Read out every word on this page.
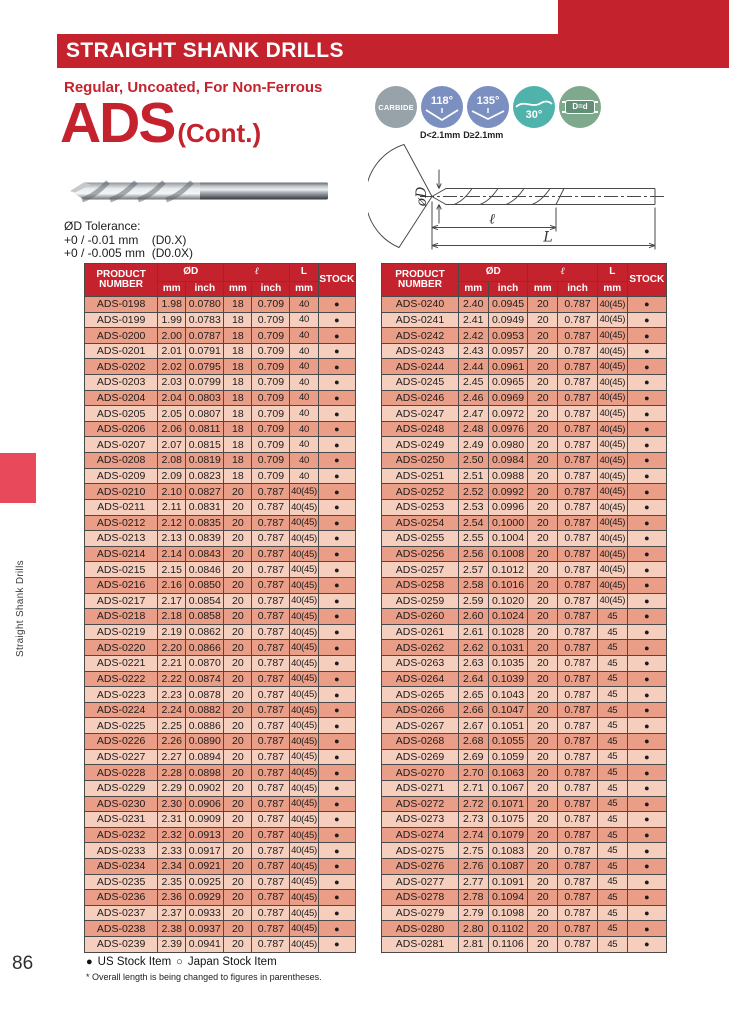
STRAIGHT SHANK DRILLS
Regular, Uncoated, For Non-Ferrous
ADS (Cont.)
CARBIDE
118° 135°
30°
D=d
D<2.1mm D≥2.1mm
øD
ℓ
L
ØD Tolerance:
+0 / -0.01 mm    (D0.X)
+0 / -0.005 mm  (D0.0X)
PRODUCT
NUMBER	ØD		ℓ		L	STOCK
	mm	inch	mm	inch	mm	
ADS-0198	1.98	0.0780	18	0.709	40	●
ADS-0199	1.99	0.0783	18	0.709	40	●
ADS-0200	2.00	0.0787	18	0.709	40	●
ADS-0201	2.01	0.0791	18	0.709	40	●
ADS-0202	2.02	0.0795	18	0.709	40	●
ADS-0203	2.03	0.0799	18	0.709	40	●
ADS-0204	2.04	0.0803	18	0.709	40	●
ADS-0205	2.05	0.0807	18	0.709	40	●
ADS-0206	2.06	0.0811	18	0.709	40	●
ADS-0207	2.07	0.0815	18	0.709	40	●
ADS-0208	2.08	0.0819	18	0.709	40	●
ADS-0209	2.09	0.0823	18	0.709	40	●
ADS-0210	2.10	0.0827	20	0.787	40(45)	●
ADS-0211	2.11	0.0831	20	0.787	40(45)	●
ADS-0212	2.12	0.0835	20	0.787	40(45)	●
ADS-0213	2.13	0.0839	20	0.787	40(45)	●
ADS-0214	2.14	0.0843	20	0.787	40(45)	●
ADS-0215	2.15	0.0846	20	0.787	40(45)	●
ADS-0216	2.16	0.0850	20	0.787	40(45)	●
ADS-0217	2.17	0.0854	20	0.787	40(45)	●
ADS-0218	2.18	0.0858	20	0.787	40(45)	●
ADS-0219	2.19	0.0862	20	0.787	40(45)	●
ADS-0220	2.20	0.0866	20	0.787	40(45)	●
ADS-0221	2.21	0.0870	20	0.787	40(45)	●
ADS-0222	2.22	0.0874	20	0.787	40(45)	●
ADS-0223	2.23	0.0878	20	0.787	40(45)	●
ADS-0224	2.24	0.0882	20	0.787	40(45)	●
ADS-0225	2.25	0.0886	20	0.787	40(45)	●
ADS-0226	2.26	0.0890	20	0.787	40(45)	●
ADS-0227	2.27	0.0894	20	0.787	40(45)	●
ADS-0228	2.28	0.0898	20	0.787	40(45)	●
ADS-0229	2.29	0.0902	20	0.787	40(45)	●
ADS-0230	2.30	0.0906	20	0.787	40(45)	●
ADS-0231	2.31	0.0909	20	0.787	40(45)	●
ADS-0232	2.32	0.0913	20	0.787	40(45)	●
ADS-0233	2.33	0.0917	20	0.787	40(45)	●
ADS-0234	2.34	0.0921	20	0.787	40(45)	●
ADS-0235	2.35	0.0925	20	0.787	40(45)	●
ADS-0236	2.36	0.0929	20	0.787	40(45)	●
ADS-0237	2.37	0.0933	20	0.787	40(45)	●
ADS-0238	2.38	0.0937	20	0.787	40(45)	●
ADS-0239	2.39	0.0941	20	0.787	40(45)	●
PRODUCT
NUMBER	ØD		ℓ		L	STOCK
	mm	inch	mm	inch	mm	
ADS-0240	2.40	0.0945	20	0.787	40(45)	●
ADS-0241	2.41	0.0949	20	0.787	40(45)	●
ADS-0242	2.42	0.0953	20	0.787	40(45)	●
ADS-0243	2.43	0.0957	20	0.787	40(45)	●
ADS-0244	2.44	0.0961	20	0.787	40(45)	●
ADS-0245	2.45	0.0965	20	0.787	40(45)	●
ADS-0246	2.46	0.0969	20	0.787	40(45)	●
ADS-0247	2.47	0.0972	20	0.787	40(45)	●
ADS-0248	2.48	0.0976	20	0.787	40(45)	●
ADS-0249	2.49	0.0980	20	0.787	40(45)	●
ADS-0250	2.50	0.0984	20	0.787	40(45)	●
ADS-0251	2.51	0.0988	20	0.787	40(45)	●
ADS-0252	2.52	0.0992	20	0.787	40(45)	●
ADS-0253	2.53	0.0996	20	0.787	40(45)	●
ADS-0254	2.54	0.1000	20	0.787	40(45)	●
ADS-0255	2.55	0.1004	20	0.787	40(45)	●
ADS-0256	2.56	0.1008	20	0.787	40(45)	●
ADS-0257	2.57	0.1012	20	0.787	40(45)	●
ADS-0258	2.58	0.1016	20	0.787	40(45)	●
ADS-0259	2.59	0.1020	20	0.787	40(45)	●
ADS-0260	2.60	0.1024	20	0.787	45	●
ADS-0261	2.61	0.1028	20	0.787	45	●
ADS-0262	2.62	0.1031	20	0.787	45	●
ADS-0263	2.63	0.1035	20	0.787	45	●
ADS-0264	2.64	0.1039	20	0.787	45	●
ADS-0265	2.65	0.1043	20	0.787	45	●
ADS-0266	2.66	0.1047	20	0.787	45	●
ADS-0267	2.67	0.1051	20	0.787	45	●
ADS-0268	2.68	0.1055	20	0.787	45	●
ADS-0269	2.69	0.1059	20	0.787	45	●
ADS-0270	2.70	0.1063	20	0.787	45	●
ADS-0271	2.71	0.1067	20	0.787	45	●
ADS-0272	2.72	0.1071	20	0.787	45	●
ADS-0273	2.73	0.1075	20	0.787	45	●
ADS-0274	2.74	0.1079	20	0.787	45	●
ADS-0275	2.75	0.1083	20	0.787	45	●
ADS-0276	2.76	0.1087	20	0.787	45	●
ADS-0277	2.77	0.1091	20	0.787	45	●
ADS-0278	2.78	0.1094	20	0.787	45	●
ADS-0279	2.79	0.1098	20	0.787	45	●
ADS-0280	2.80	0.1102	20	0.787	45	●
ADS-0281	2.81	0.1106	20	0.787	45	●
● US Stock Item ○ Japan Stock Item
* Overall length is being changed to figures in parentheses.
86
Straight Shank Drills
